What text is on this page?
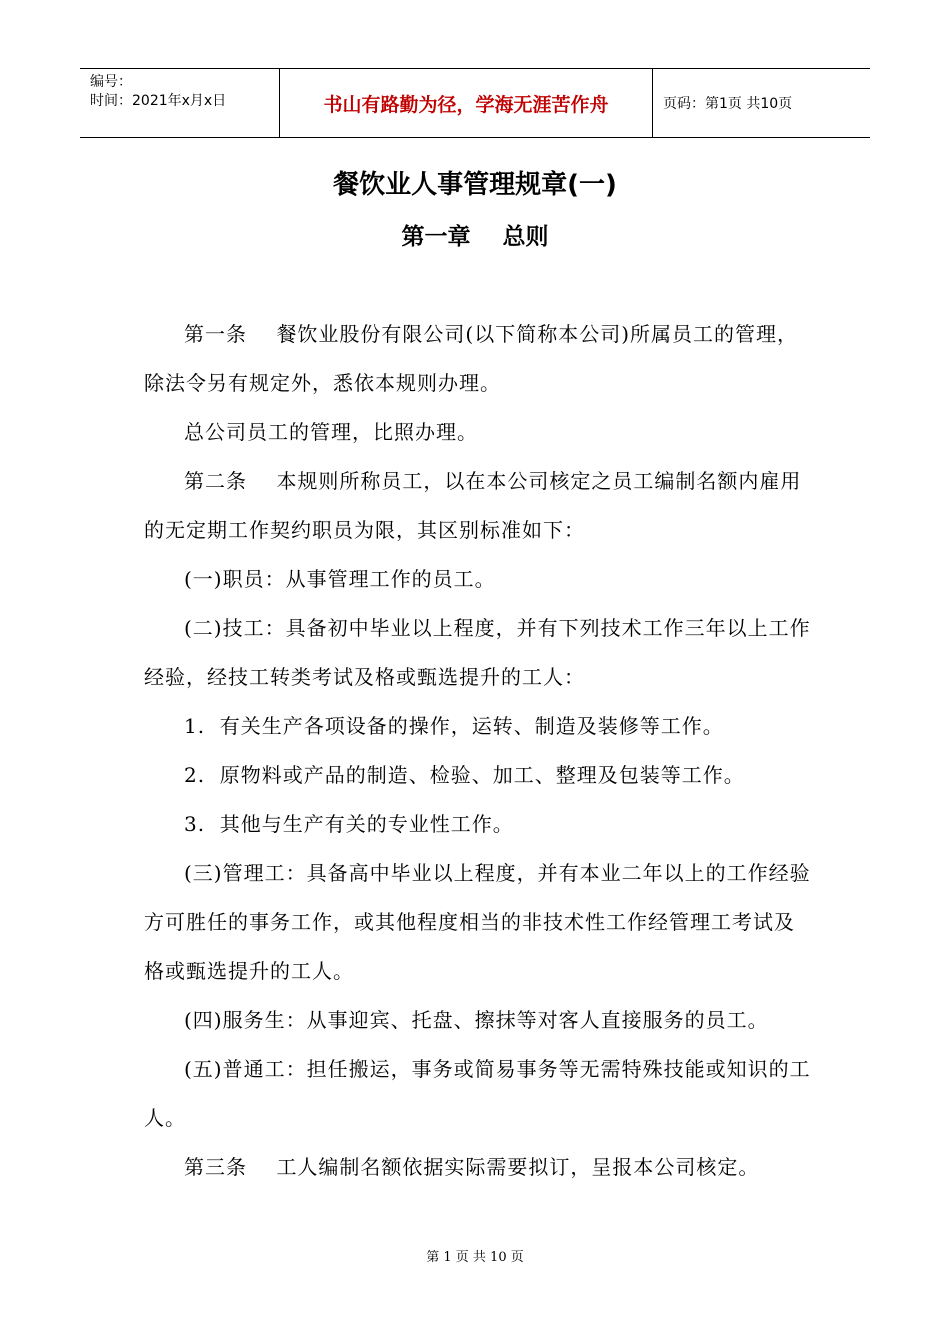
编号：
时间：2021年x月x日	书山有路勤为径，学海无涯苦作舟	页码：第1页 共10页
餐饮业人事管理规章(一)
第一章    总则

第一条    餐饮业股份有限公司(以下简称本公司)所属员工的管理，除法令另有规定外，悉依本规则办理。

总公司员工的管理，比照办理。

第二条    本规则所称员工，以在本公司核定之员工编制名额内雇用的无定期工作契约职员为限，其区别标准如下：

(一)职员：从事管理工作的员工。

(二)技工：具备初中毕业以上程度，并有下列技术工作三年以上工作经验，经技工转类考试及格或甄选提升的工人：

1.  有关生产各项设备的操作，运转、制造及装修等工作。

2.  原物料或产品的制造、检验、加工、整理及包装等工作。

3.  其他与生产有关的专业性工作。

(三)管理工：具备高中毕业以上程度，并有本业二年以上的工作经验方可胜任的事务工作，或其他程度相当的非技术性工作经管理工考试及格或甄选提升的工人。

(四)服务生：从事迎宾、托盘、擦抹等对客人直接服务的员工。

(五)普通工：担任搬运，事务或简易事务等无需特殊技能或知识的工人。

第三条    工人编制名额依据实际需要拟订，呈报本公司核定。

第 1 页 共 10 页
